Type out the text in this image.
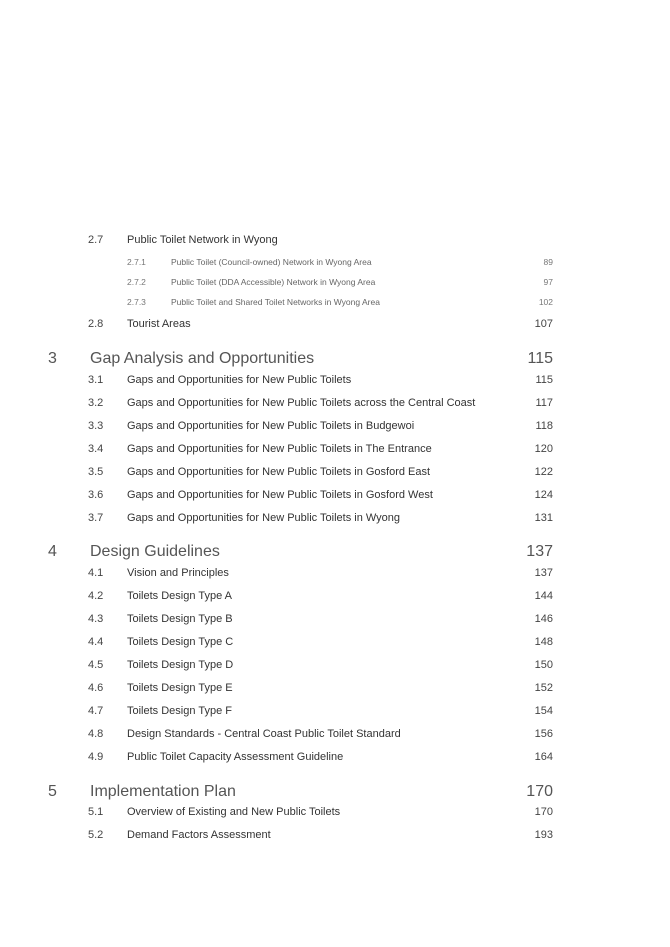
2.7 Public Toilet Network in Wyong
2.7.1	Public Toilet (Council-owned) Network in Wyong Area	89
2.7.2	Public Toilet (DDA Accessible) Network in Wyong Area	97
2.7.3	Public Toilet and Shared Toilet Networks in Wyong Area	102
2.8 Tourist Areas	107
3 Gap Analysis and Opportunities	115
3.1 Gaps and Opportunities for New Public Toilets	115
3.2 Gaps and Opportunities for New Public Toilets across the Central Coast	117
3.3 Gaps and Opportunities for New Public Toilets in Budgewoi	118
3.4 Gaps and Opportunities for New Public Toilets in The Entrance	120
3.5 Gaps and Opportunities for New Public Toilets in Gosford East	122
3.6 Gaps and Opportunities for New Public Toilets in Gosford West	124
3.7 Gaps and Opportunities for New Public Toilets in Wyong	131
4 Design Guidelines	137
4.1 Vision and Principles	137
4.2 Toilets Design Type A	144
4.3 Toilets Design Type B	146
4.4 Toilets Design Type C	148
4.5 Toilets Design Type D	150
4.6 Toilets Design Type E	152
4.7 Toilets Design Type F	154
4.8 Design Standards - Central Coast Public Toilet Standard	156
4.9 Public Toilet Capacity Assessment Guideline	164
5 Implementation Plan	170
5.1 Overview of Existing and New Public Toilets	170
5.2 Demand Factors Assessment	193
